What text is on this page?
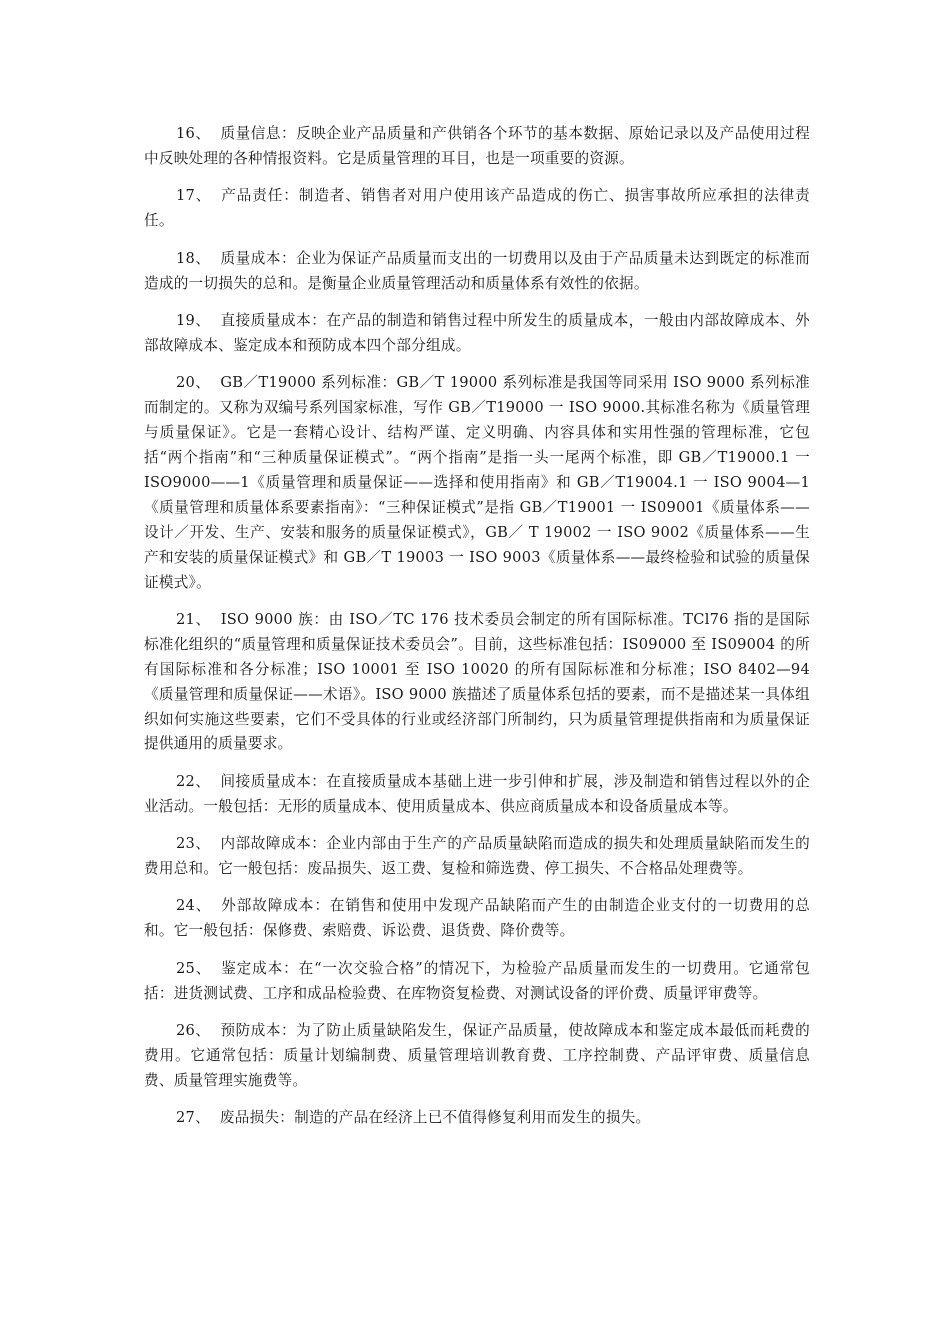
16、 质量信息：反映企业产品质量和产供销各个环节的基本数据、原始记录以及产品使用过程中反映处理的各种情报资料。它是质量管理的耳目，也是一项重要的资源。

17、 产品责任：制造者、销售者对用户使用该产品造成的伤亡、损害事故所应承担的法律责任。

18、 质量成本：企业为保证产品质量而支出的一切费用以及由于产品质量未达到既定的标准而造成的一切损失的总和。是衡量企业质量管理活动和质量体系有效性的依据。

19、 直接质量成本：在产品的制造和销售过程中所发生的质量成本，一般由内部故障成本、外部故障成本、鉴定成本和预防成本四个部分组成。

20、 GB／T19000 系列标准：GB／T 19000 系列标准是我国等同采用 ISO 9000 系列标准而制定的。又称为双编号系列国家标准，写作 GB／T19000 一 ISO 9000.其标准名称为《质量管理与质量保证》。它是一套精心设计、结构严谨、定义明确、内容具体和实用性强的管理标准，它包括“两个指南”和“三种质量保证模式”。“两个指南”是指一头一尾两个标准，即 GB／T19000.1 一 ISO9000——1《质量管理和质量保证——选择和使用指南》和 GB／T19004.1 一 ISO 9004—1《质量管理和质量体系要素指南》：“三种保证模式”是指 GB／T19001 一 IS09001《质量体系——设计／开发、生产、安装和服务的质量保证模式》，GB／ T 19002 一 ISO 9002《质量体系——生产和安装的质量保证模式》和 GB／T 19003 一 ISO 9003《质量体系——最终检验和试验的质量保证模式》。

21、 ISO 9000 族：由 ISO／TC 176 技术委员会制定的所有国际标准。TCl76 指的是国际标准化组织的“质量管理和质量保证技术委员会”。目前，这些标准包括：IS09000 至 IS09004 的所有国际标准和各分标准；ISO 10001 至 ISO 10020 的所有国际标准和分标准；ISO 8402—94《质量管理和质量保证——术语》。ISO 9000 族描述了质量体系包括的要素，而不是描述某一具体组织如何实施这些要素，它们不受具体的行业或经济部门所制约，只为质量管理提供指南和为质量保证提供通用的质量要求。

22、 间接质量成本：在直接质量成本基础上进一步引伸和扩展，涉及制造和销售过程以外的企业活动。一般包括：无形的质量成本、使用质量成本、供应商质量成本和设备质量成本等。

23、 内部故障成本：企业内部由于生产的产品质量缺陷而造成的损失和处理质量缺陷而发生的费用总和。它一般包括：废品损失、返工费、复检和筛选费、停工损失、不合格品处理费等。

24、 外部故障成本：在销售和使用中发现产品缺陷而产生的由制造企业支付的一切费用的总和。它一般包括：保修费、索赔费、诉讼费、退货费、降价费等。

25、 鉴定成本：在“一次交验合格”的情况下，为检验产品质量而发生的一切费用。它通常包括：进货测试费、工序和成品检验费、在库物资复检费、对测试设备的评价费、质量评审费等。

26、 预防成本：为了防止质量缺陷发生，保证产品质量，使故障成本和鉴定成本最低而耗费的费用。它通常包括：质量计划编制费、质量管理培训教育费、工序控制费、产品评审费、质量信息费、质量管理实施费等。

27、 废品损失：制造的产品在经济上已不值得修复利用而发生的损失。
